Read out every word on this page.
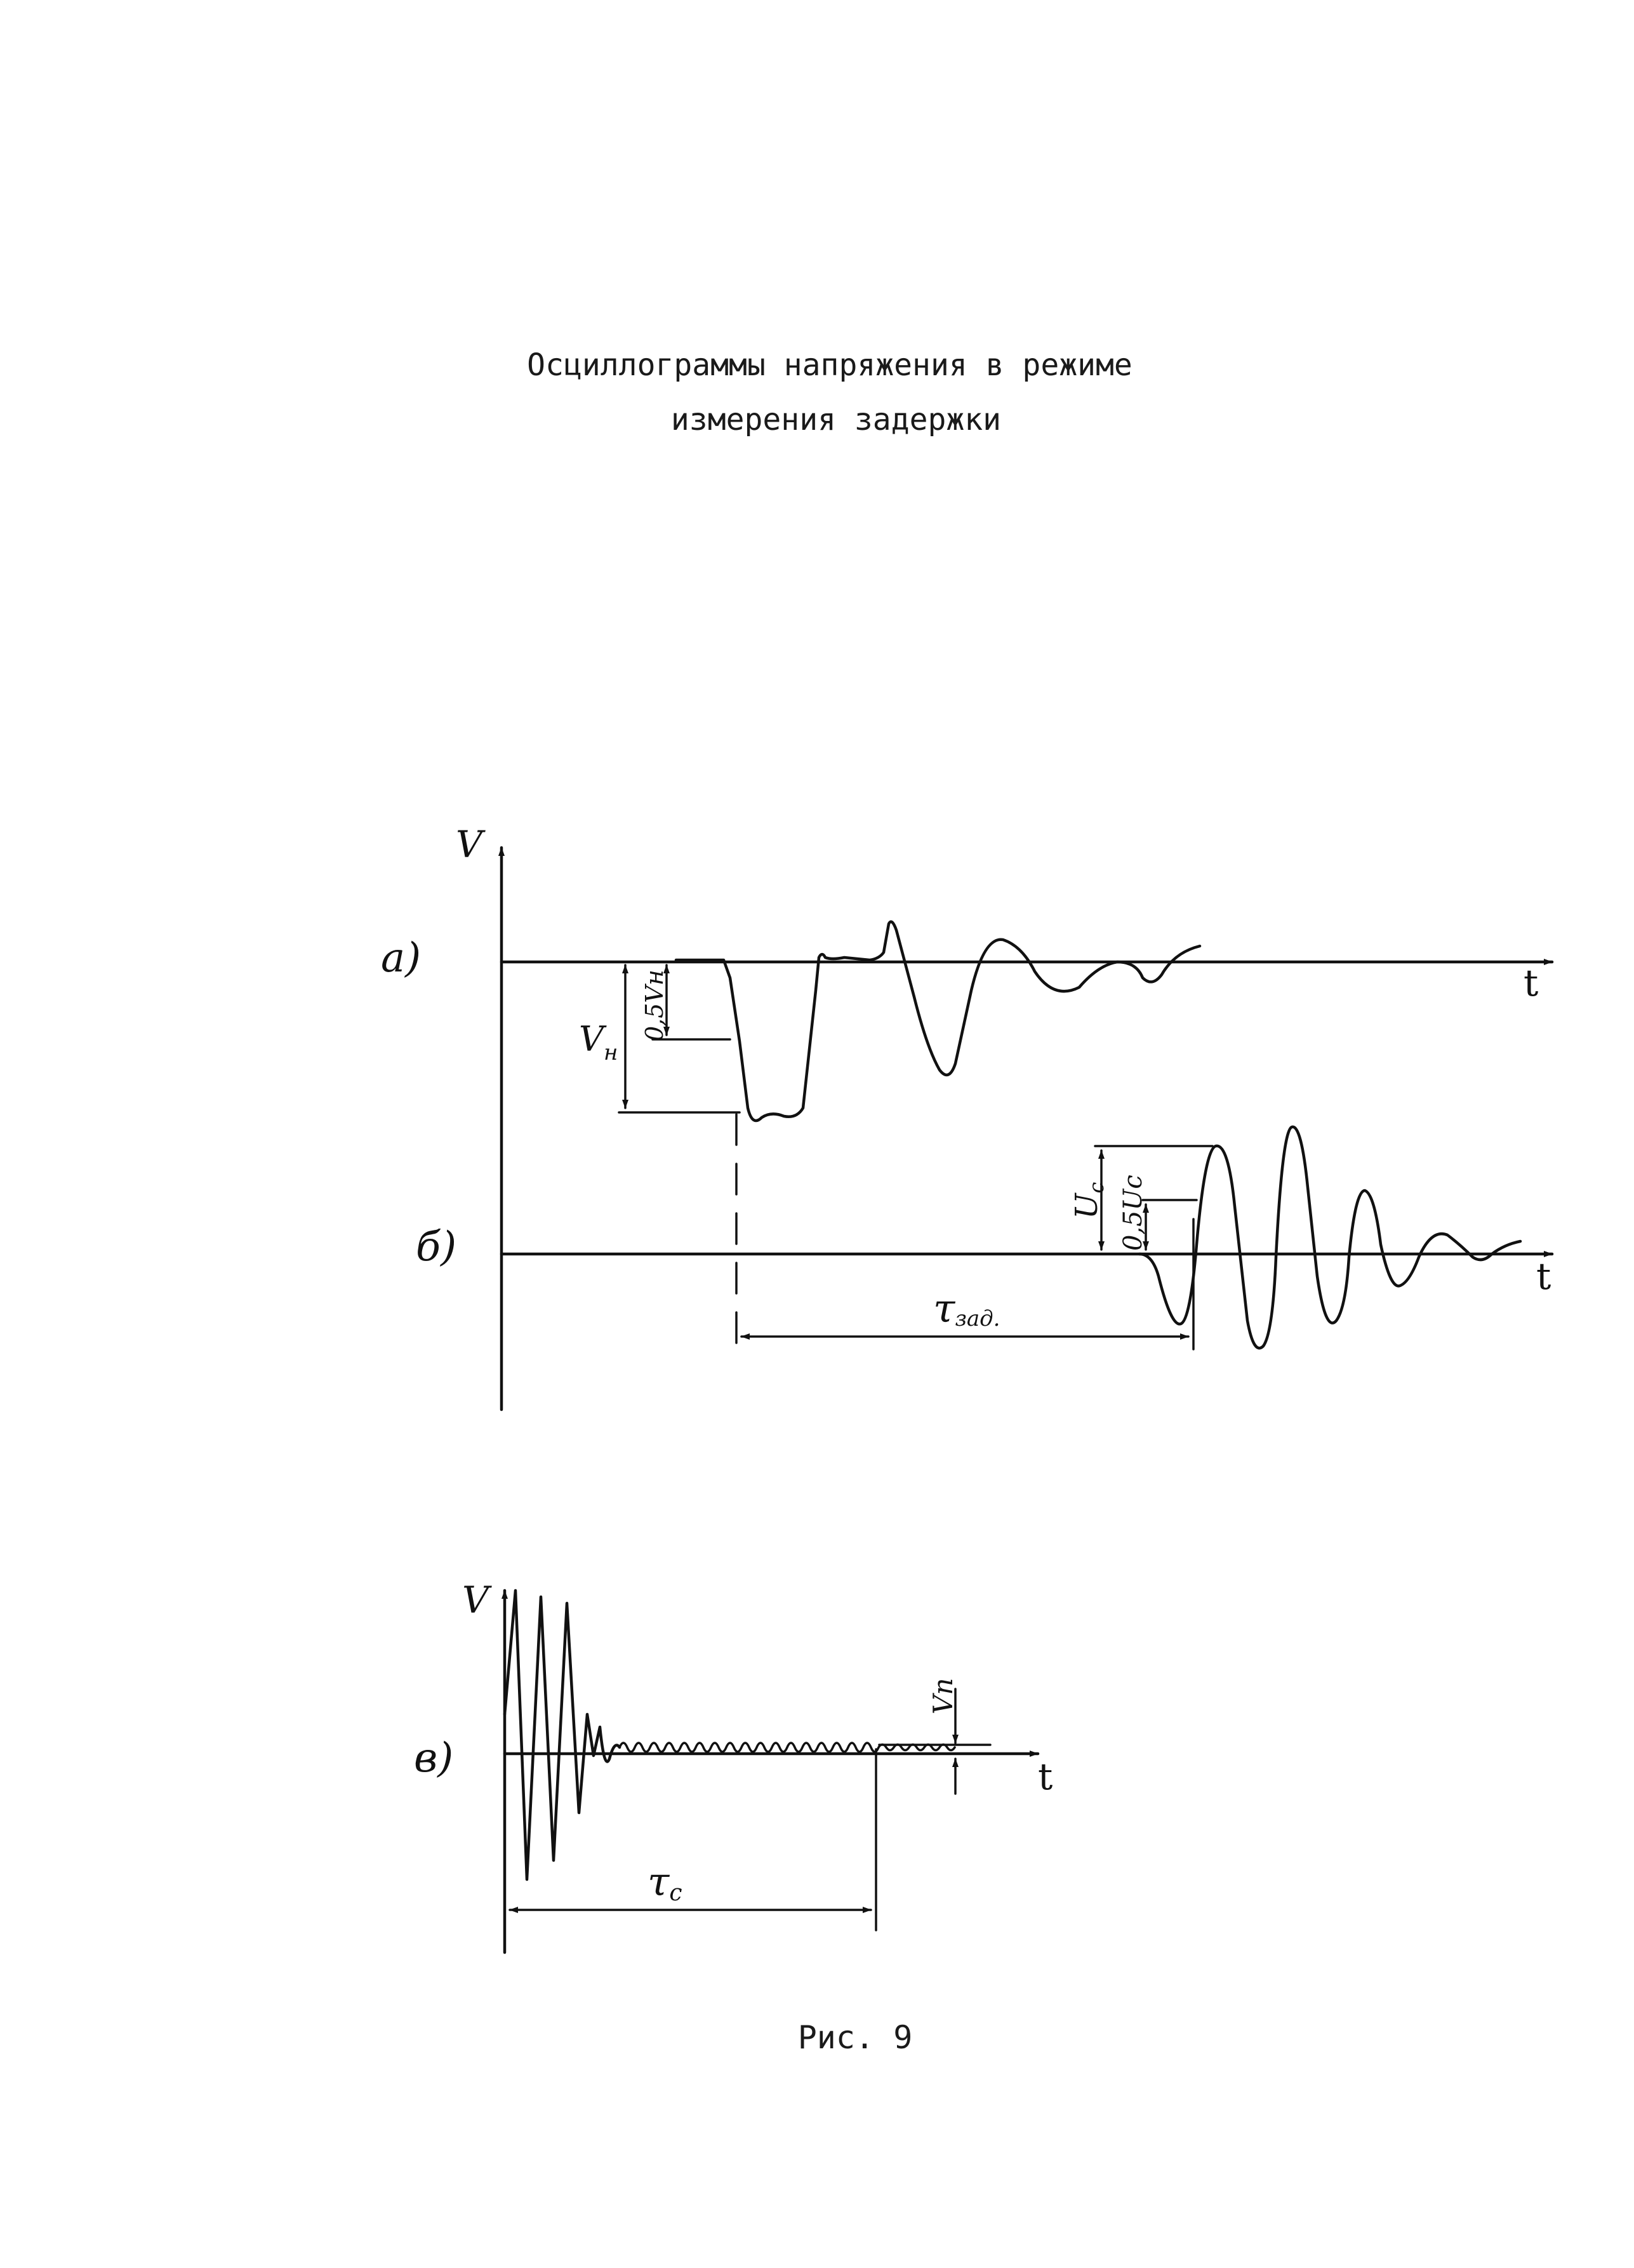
Осциллограммы напряжения в режиме
измерения задержки
V
а)
t
$V_н$
0,5Vн
б)
t
$U_c$ 0,5Uc
τзад.
V
в)	t
Vп
τc
Рис. 9
